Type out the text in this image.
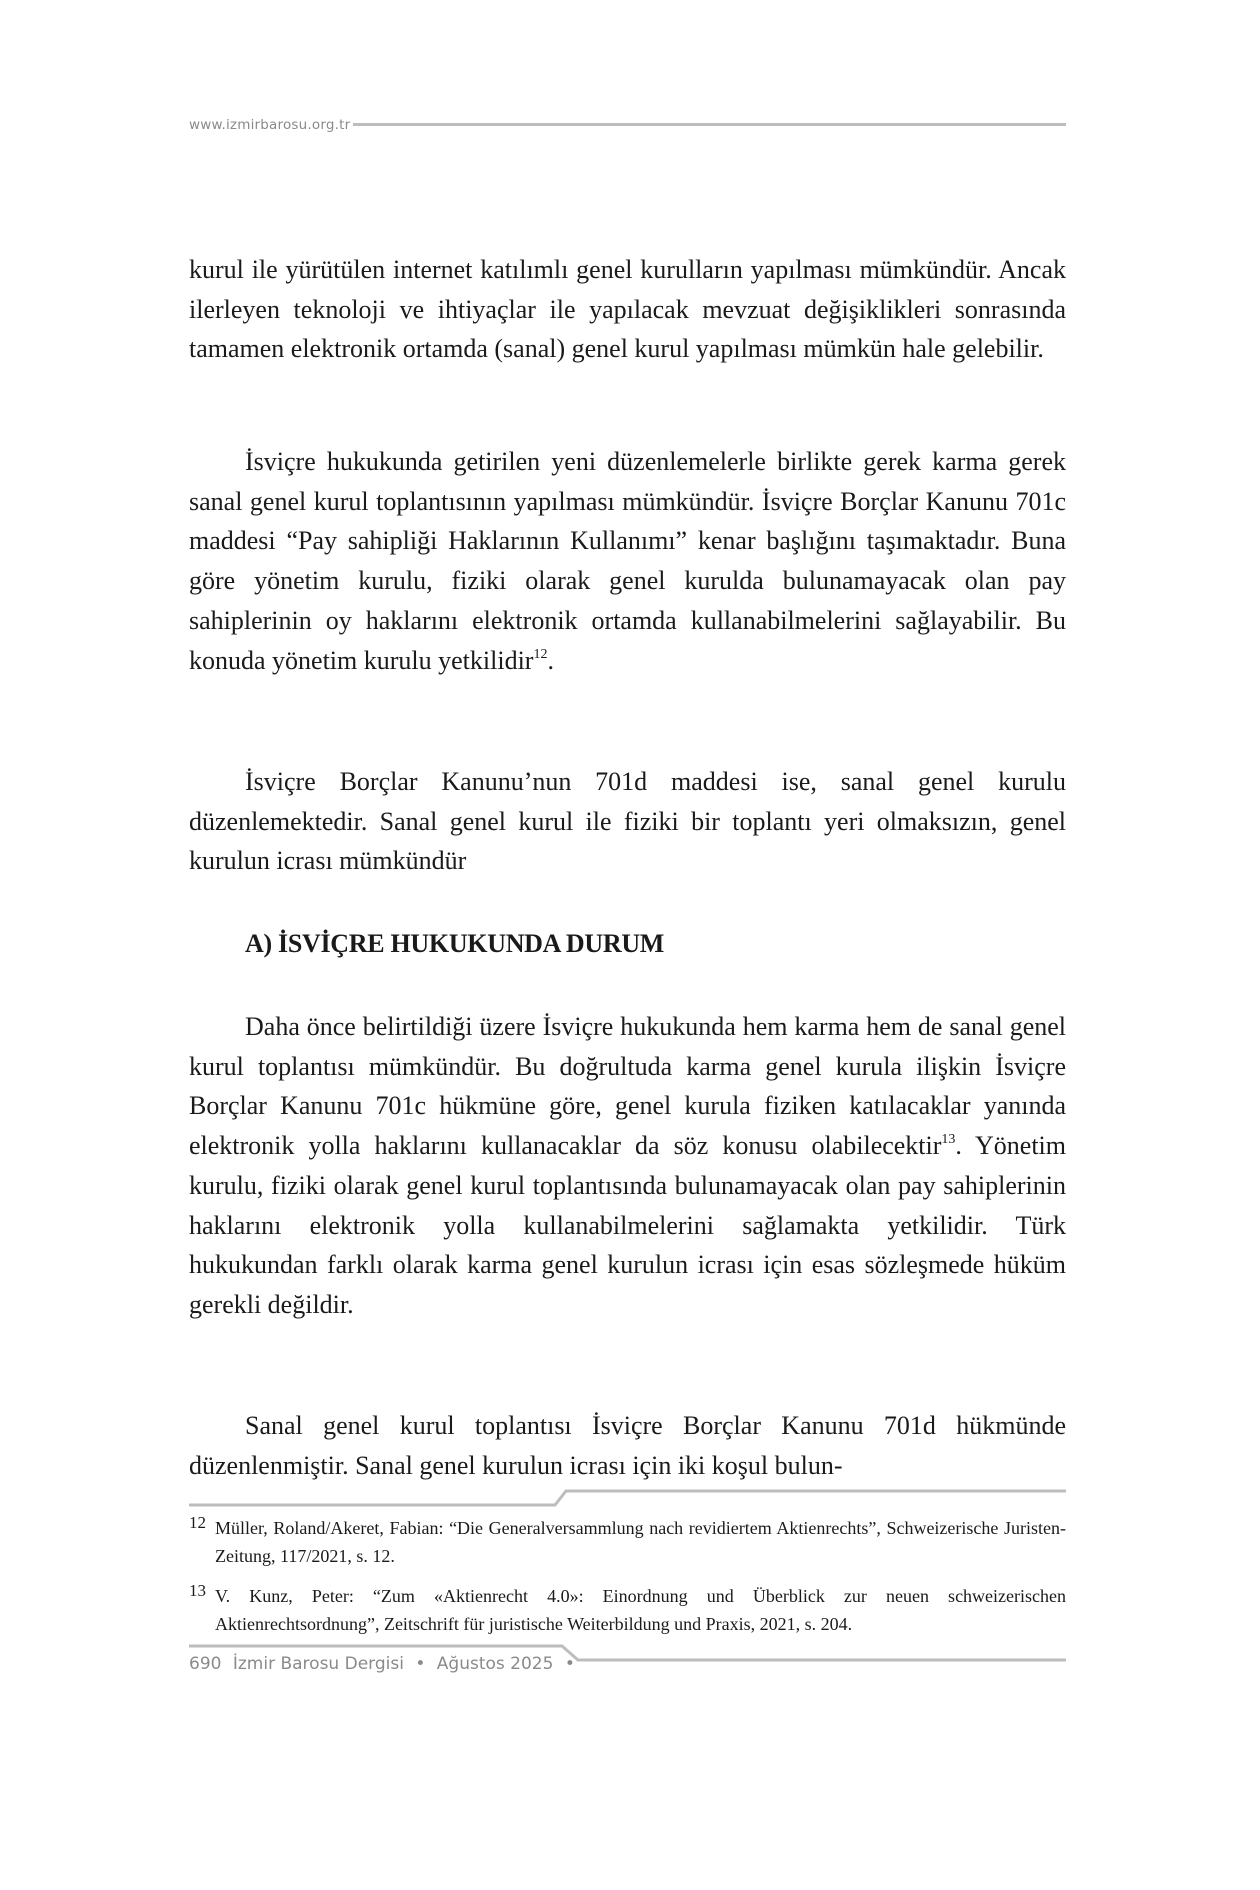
www.izmirbarosu.org.tr

kurul ile yürütülen internet katılımlı genel kurulların yapılması mümkündür. Ancak ilerleyen teknoloji ve ihtiyaçlar ile yapılacak mevzuat değişiklikleri sonrasında tamamen elektronik ortamda (sanal) genel kurul yapılması mümkün hale gelebilir.

İsviçre hukukunda getirilen yeni düzenlemelerle birlikte gerek karma gerek sanal genel kurul toplantısının yapılması mümkündür. İsviçre Borçlar Kanunu 701c maddesi “Pay sahipliği Haklarının Kullanımı” kenar başlığını taşımaktadır. Buna göre yönetim kurulu, fiziki olarak genel kurulda bulunamayacak olan pay sahiplerinin oy haklarını elektronik ortamda kullanabilmelerini sağlayabilir. Bu konuda yönetim kurulu yetkilidir$^{12}$.

İsviçre Borçlar Kanunu’nun 701d maddesi ise, sanal genel kurulu düzenlemektedir. Sanal genel kurul ile fiziki bir toplantı yeri olmaksızın, genel kurulun icrası mümkündür

A) İSVİÇRE HUKUKUNDA DURUM

Daha önce belirtildiği üzere İsviçre hukukunda hem karma hem de sanal genel kurul toplantısı mümkündür. Bu doğrultuda karma genel kurula ilişkin İsviçre Borçlar Kanunu 701c hükmüne göre, genel kurula fiziken katılacaklar yanında elektronik yolla haklarını kullanacaklar da söz konusu olabilecektir$^{13}$. Yönetim kurulu, fiziki olarak genel kurul toplantısında bulunamayacak olan pay sahiplerinin haklarını elektronik yolla kullanabilmelerini sağlamakta yetkilidir. Türk hukukundan farklı olarak karma genel kurulun icrası için esas sözleşmede hüküm gerekli değildir.

Sanal genel kurul toplantısı İsviçre Borçlar Kanunu 701d hükmünde düzenlenmiştir. Sanal genel kurulun icrası için iki koşul bulun-

12 Müller, Roland/Akeret, Fabian: “Die Generalversammlung nach revidiertem Aktienrechts”, Schweizerische Juristen-Zeitung, 117/2021, s. 12.

13 V. Kunz, Peter: “Zum «Aktienrecht 4.0»: Einordnung und Überblick zur neuen schweizerischen Aktienrechtsordnung”, Zeitschrift für juristische Weiterbildung und Praxis, 2021, s. 204.

690 İzmir Barosu Dergisi • Ağustos 2025 •
